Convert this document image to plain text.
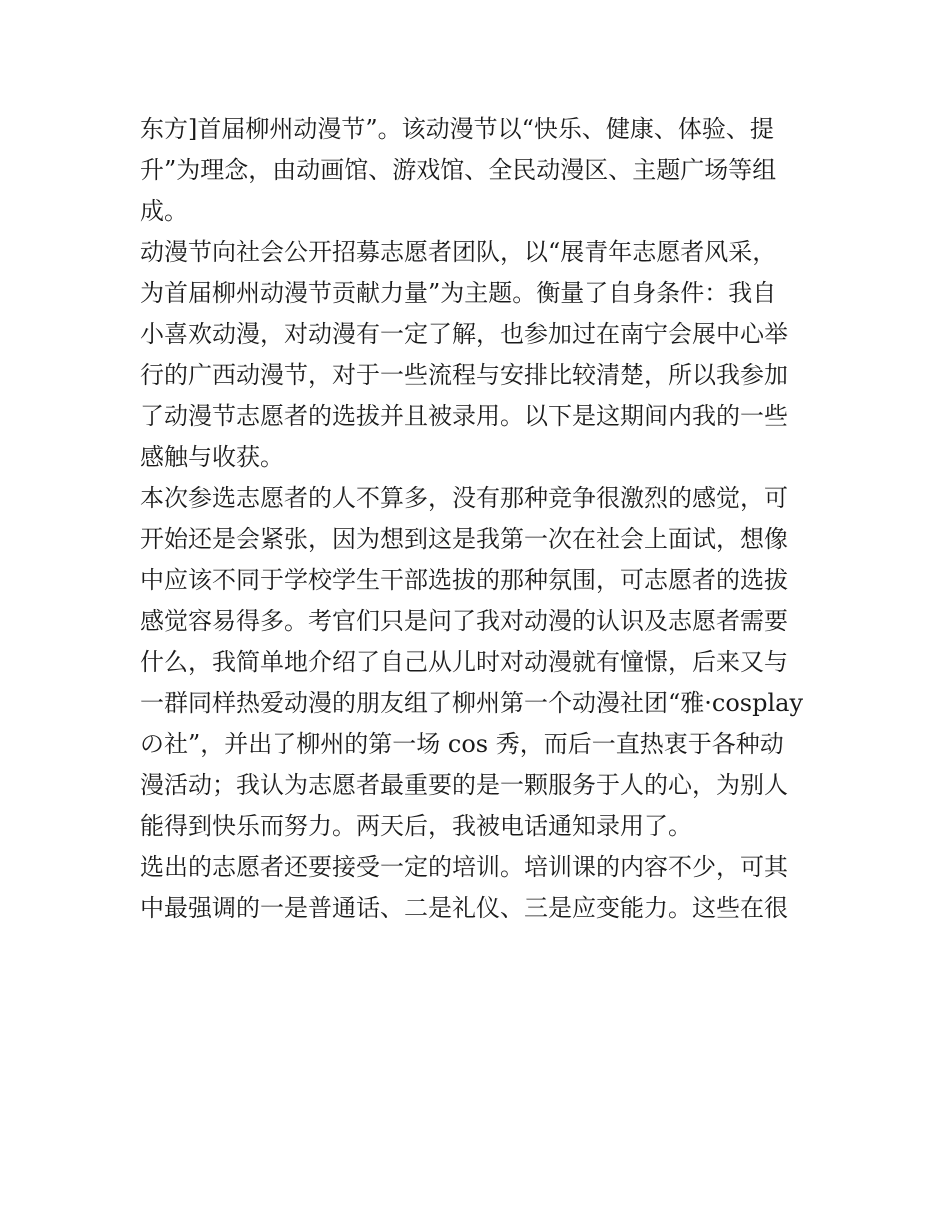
东方]首届柳州动漫节”。该动漫节以“快乐、健康、体验、提
升”为理念，由动画馆、游戏馆、全民动漫区、主题广场等组
成。

动漫节向社会公开招募志愿者团队，以“展青年志愿者风采，
为首届柳州动漫节贡献力量”为主题。衡量了自身条件：我自
小喜欢动漫，对动漫有一定了解，也参加过在南宁会展中心举
行的广西动漫节，对于一些流程与安排比较清楚，所以我参加
了动漫节志愿者的选拔并且被录用。以下是这期间内我的一些
感触与收获。

本次参选志愿者的人不算多，没有那种竞争很激烈的感觉，可
开始还是会紧张，因为想到这是我第一次在社会上面试，想像
中应该不同于学校学生干部选拔的那种氛围，可志愿者的选拔
感觉容易得多。考官们只是问了我对动漫的认识及志愿者需要
什么，我简单地介绍了自己从儿时对动漫就有憧憬，后来又与
一群同样热爱动漫的朋友组了柳州第一个动漫社团“雅·cosplay
の社”，并出了柳州的第一场 cos 秀，而后一直热衷于各种动
漫活动；我认为志愿者最重要的是一颗服务于人的心，为别人
能得到快乐而努力。两天后，我被电话通知录用了。

选出的志愿者还要接受一定的培训。培训课的内容不少，可其
中最强调的一是普通话、二是礼仪、三是应变能力。这些在很
